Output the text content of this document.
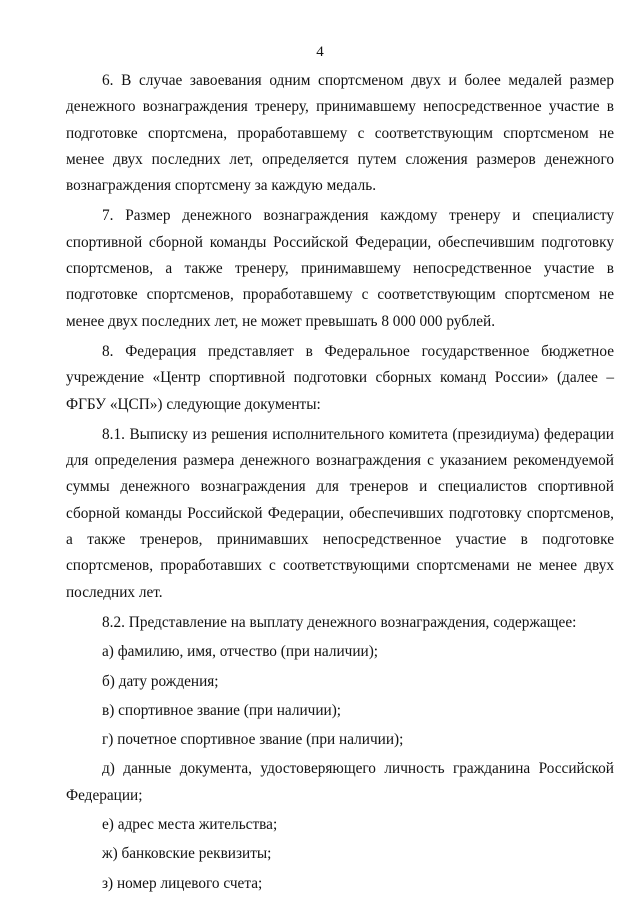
4

6. В случае завоевания одним спортсменом двух и более медалей размер денежного вознаграждения тренеру, принимавшему непосредственное участие в подготовке спортсмена, проработавшему с соответствующим спортсменом не менее двух последних лет, определяется путем сложения размеров денежного вознаграждения спортсмену за каждую медаль.

7. Размер денежного вознаграждения каждому тренеру и специалисту спортивной сборной команды Российской Федерации, обеспечившим подготовку спортсменов, а также тренеру, принимавшему непосредственное участие в подготовке спортсменов, проработавшему с соответствующим спортсменом не менее двух последних лет, не может превышать 8 000 000 рублей.

8. Федерация представляет в Федеральное государственное бюджетное учреждение «Центр спортивной подготовки сборных команд России» (далее – ФГБУ «ЦСП») следующие документы:

8.1. Выписку из решения исполнительного комитета (президиума) федерации для определения размера денежного вознаграждения с указанием рекомендуемой суммы денежного вознаграждения для тренеров и специалистов спортивной сборной команды Российской Федерации, обеспечивших подготовку спортсменов, а также тренеров, принимавших непосредственное участие в подготовке спортсменов, проработавших с соответствующими спортсменами не менее двух последних лет.

8.2. Представление на выплату денежного вознаграждения, содержащее:

а) фамилию, имя, отчество (при наличии);

б) дату рождения;

в) спортивное звание (при наличии);

г) почетное спортивное звание (при наличии);

д) данные документа, удостоверяющего личность гражданина Российской Федерации;

е) адрес места жительства;

ж) банковские реквизиты;

з) номер лицевого счета;
